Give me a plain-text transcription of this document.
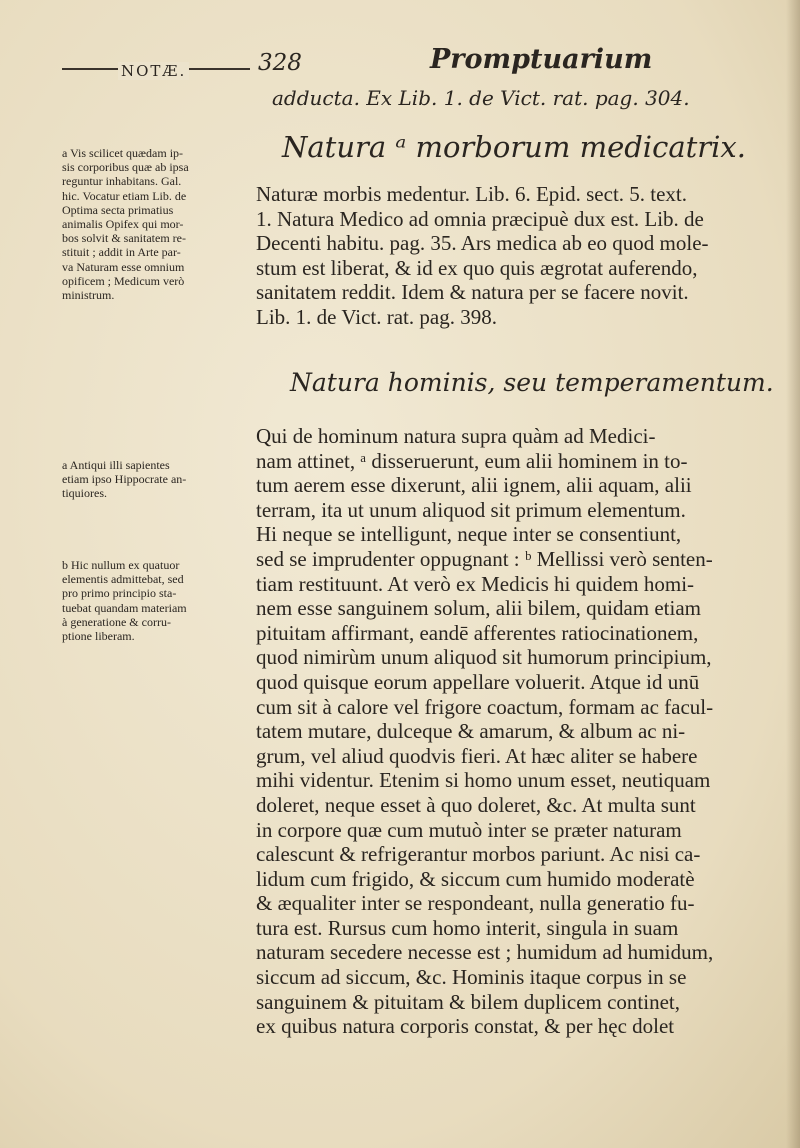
NOTÆ.	328	Promptuarium
adducta. Ex Lib. 1. de Vict. rat. pag. 304.
Natura ᵃ morborum medicatrix.
a Vis scilicet quædam ip-
sis corporibus quæ ab ipsa
reguntur inhabitans. Gal.
hic. Vocatur etiam Lib. de
Optima secta primatius
animalis Opifex qui mor-
bos solvit & sanitatem re-
stituit ; addit in Arte par-
va Naturam esse omnium
opificem ; Medicum verò
ministrum.
Naturæ morbis medentur. Lib. 6. Epid. sect. 5. text.
1. Natura Medico ad omnia præcipuè dux est. Lib. de
Decenti habitu. pag. 35. Ars medica ab eo quod mole-
stum est liberat, & id ex quo quis ægrotat auferendo,
sanitatem reddit. Idem & natura per se facere novit.
Lib. 1. de Vict. rat. pag. 398.
Natura hominis, seu temperamentum.
a Antiqui illi sapientes
etiam ipso Hippocrate an-
tiquiores.
b Hic nullum ex quatuor
elementis admittebat, sed
pro primo principio sta-
tuebat quandam materiam
à generatione & corru-
ptione liberam.
Qui de hominum natura supra quàm ad Medici-
nam attinet, ᵃ disseruerunt, eum alii hominem in to-
tum aerem esse dixerunt, alii ignem, alii aquam, alii
terram, ita ut unum aliquod sit primum elementum.
Hi neque se intelligunt, neque inter se consentiunt,
sed se imprudenter oppugnant : ᵇ Mellissi verò senten-
tiam restituunt. At verò ex Medicis hi quidem homi-
nem esse sanguinem solum, alii bilem, quidam etiam
pituitam affirmant, eandē afferentes ratiocinationem,
quod nimirùm unum aliquod sit humorum principium,
quod quisque eorum appellare voluerit. Atque id unū
cum sit à calore vel frigore coactum, formam ac facul-
tatem mutare, dulceque & amarum, & album ac ni-
grum, vel aliud quodvis fieri. At hæc aliter se habere
mihi videntur. Etenim si homo unum esset, neutiquam
doleret, neque esset à quo doleret, &c. At multa sunt
in corpore quæ cum mutuò inter se præter naturam
calescunt & refrigerantur morbos pariunt. Ac nisi ca-
lidum cum frigido, & siccum cum humido moderatè
& æqualiter inter se respondeant, nulla generatio fu-
tura est. Rursus cum homo interit, singula in suam
naturam secedere necesse est ; humidum ad humidum,
siccum ad siccum, &c. Hominis itaque corpus in se
sanguinem & pituitam & bilem duplicem continet,
ex quibus natura corporis constat, & per hęc dolet
